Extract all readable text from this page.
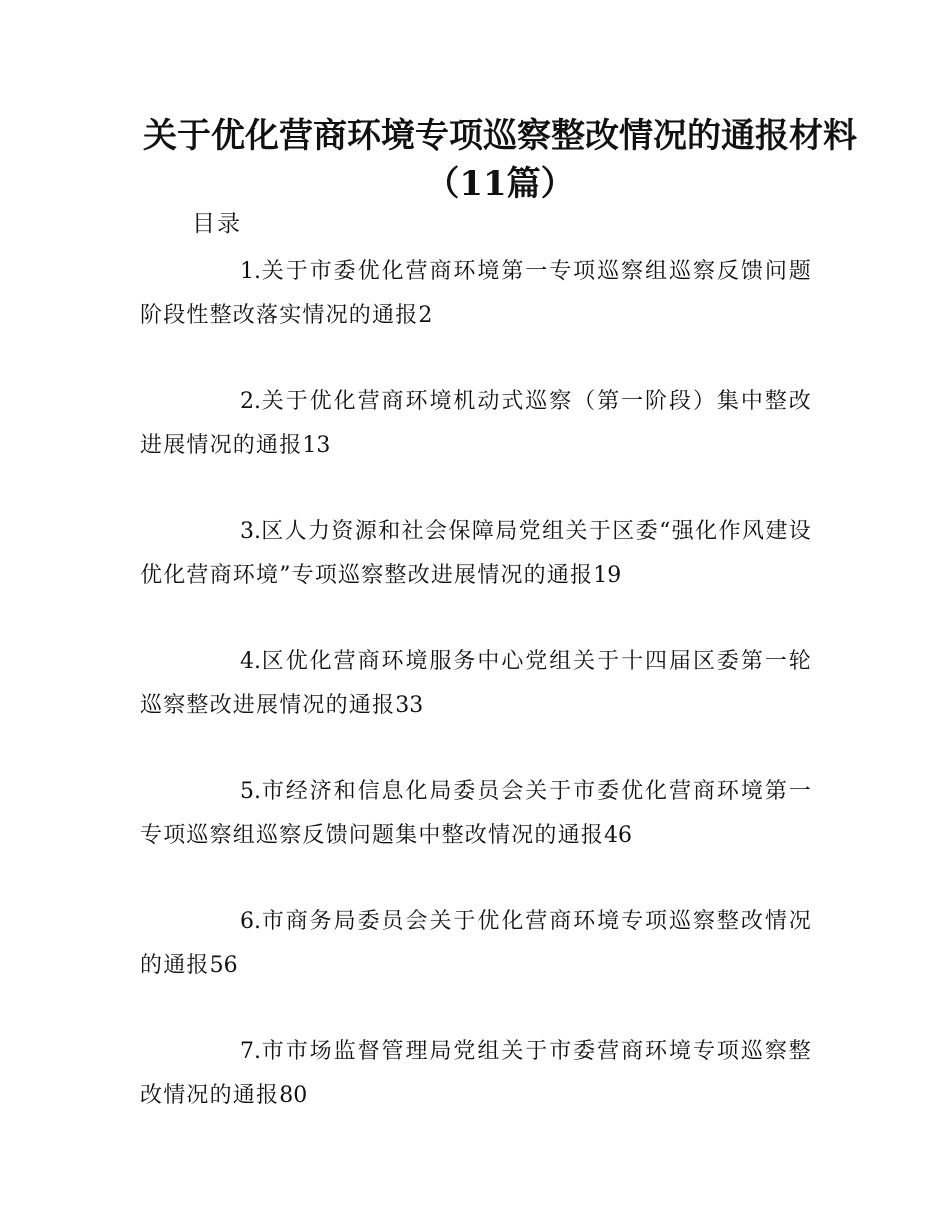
关于优化营商环境专项巡察整改情况的通报材料（11篇）
目录
1.关于市委优化营商环境第一专项巡察组巡察反馈问题阶段性整改落实情况的通报2
2.关于优化营商环境机动式巡察（第一阶段）集中整改进展情况的通报13
3.区人力资源和社会保障局党组关于区委“强化作风建设优化营商环境”专项巡察整改进展情况的通报19
4.区优化营商环境服务中心党组关于十四届区委第一轮巡察整改进展情况的通报33
5.市经济和信息化局委员会关于市委优化营商环境第一专项巡察组巡察反馈问题集中整改情况的通报46
6.市商务局委员会关于优化营商环境专项巡察整改情况的通报56
7.市市场监督管理局党组关于市委营商环境专项巡察整改情况的通报80
